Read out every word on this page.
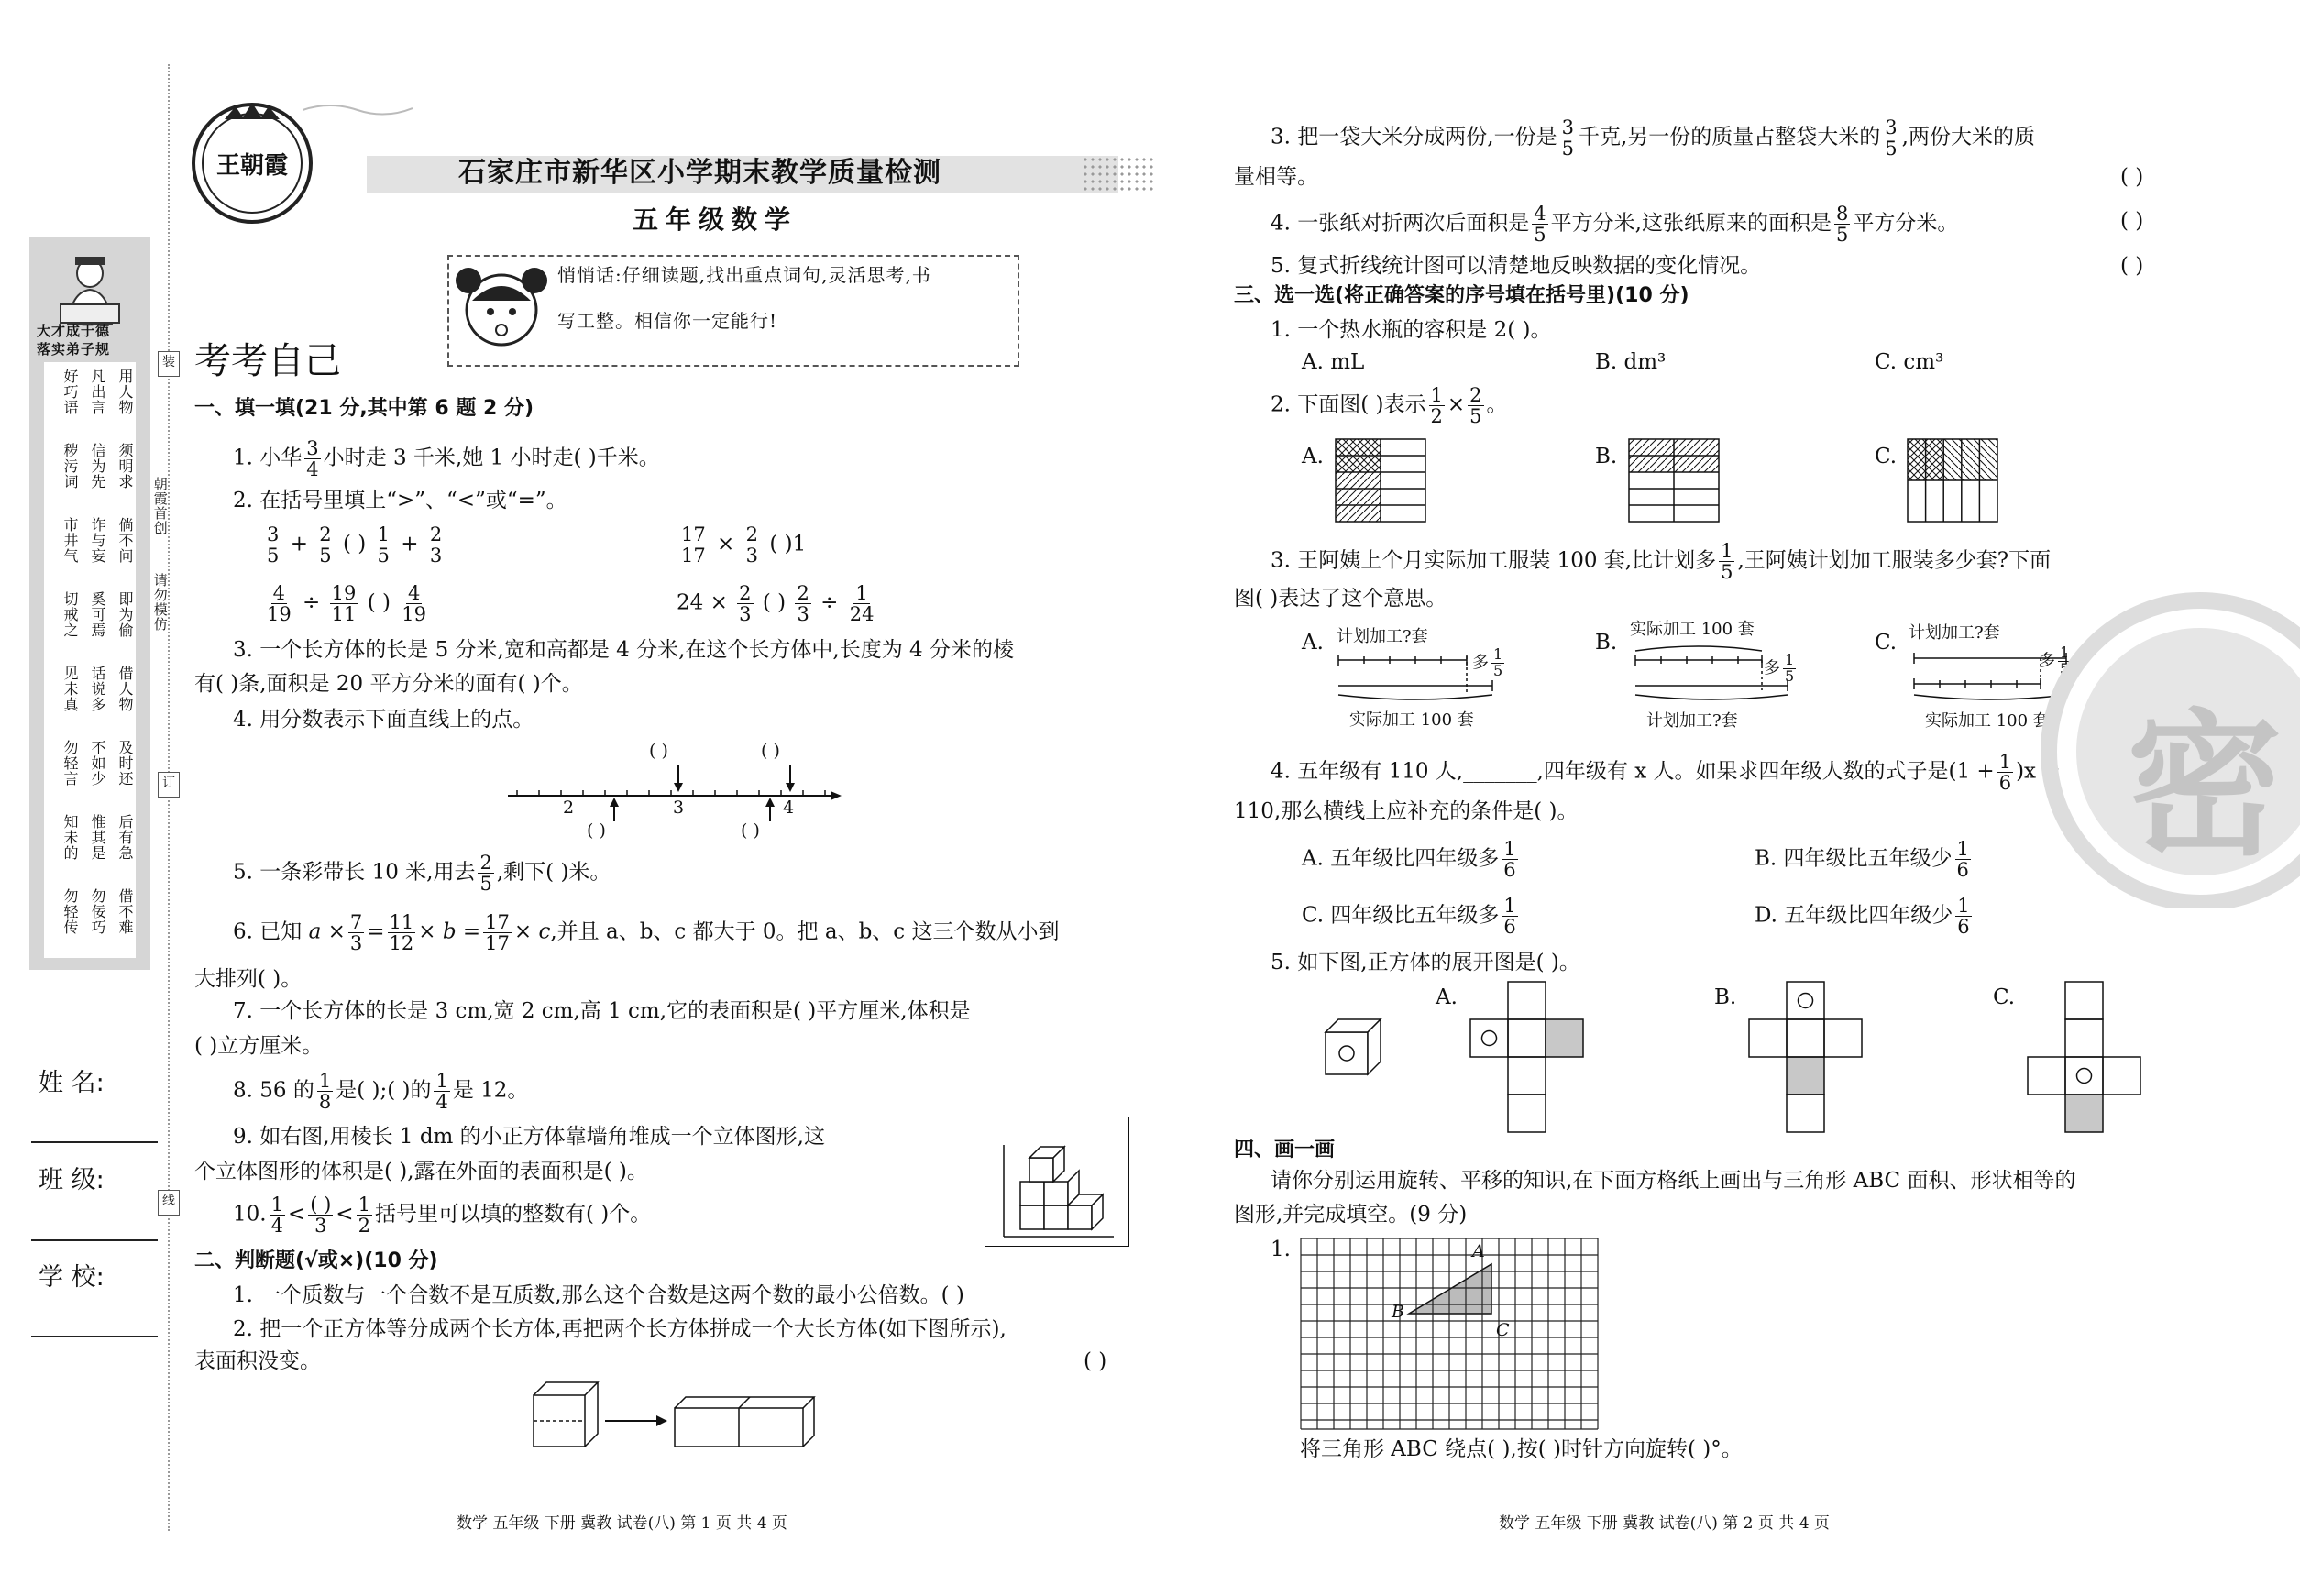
大才成于德
落实弟子规
好巧语 凡出言 用人物
秽污词 信为先 须明求
市井气 诈与妄 倘不问
切戒之 奚可焉 即为偷
见未真 话说多 借人物
勿轻言 不如少 及时还
知未的 惟其是 后有急
勿轻传 勿佞巧 借不难
姓 名:
班 级:
学 校:
装
订
线
朝霞首创
请勿模仿
王朝霞	石家庄市新华区小学期末教学质量检测
五年级数学
悄悄话:仔细读题,找出重点词句,灵活思考,书
写工整。相信你一定能行!
考考自己
一、填一填(21 分,其中第 6 题 2 分)
1. 小华 $\frac{3}{4}$ 小时走 3 千米,她 1 小时走( )千米。
2. 在括号里填上“>”、“<”或“=”。
$\frac{3}{5} + \frac{2}{5}$ ( ) $\frac{1}{5} + \frac{2}{3}$	$\frac{17}{17} \times \frac{2}{3}$ ( )1
$\frac{4}{19} \div \frac{19}{11}$ ( ) $\frac{4}{19}$	$24 \times \frac{2}{3}$ ( ) $\frac{2}{3} \div \frac{1}{24}$
3. 一个长方体的长是 5 分米,宽和高都是 4 分米,在这个长方体中,长度为 4 分米的棱
有( )条,面积是 20 平方分米的面有( )个。
4. 用分数表示下面直线上的点。
2	3	4
( )	( )
( )	( )
5. 一条彩带长 10 米,用去 $\frac{2}{5}$ ,剩下( )米。
6. 已知 $a \times \frac{7}{3} = \frac{11}{12} \times b = \frac{17}{17} \times c$,并且 a、b、c 都大于 0。把 a、b、c 这三个数从小到
大排列( )。
7. 一个长方体的长是 3 cm,宽 2 cm,高 1 cm,它的表面积是( )平方厘米,体积是
( )立方厘米。
8. 56 的 $\frac{1}{8}$ 是( );( )的 $\frac{1}{4}$ 是 12。
9. 如右图,用棱长 1 dm 的小正方体靠墙角堆成一个立体图形,这
个立体图形的体积是( ),露在外面的表面积是( )。
10. $\frac{1}{4}$ < ( )
$3 < \frac{1}{2}$ 括号里可以填的整数有( )个。
二、判断题(√或×)(10 分)
1. 一个质数与一个合数不是互质数,那么这个合数是这两个数的最小公倍数。( )
2. 把一个正方体等分成两个长方体,再把两个长方体拼成一个大长方体(如下图所示),
表面积没变。	( )
数学 五年级 下册 冀教 试卷(八) 第 1 页 共 4 页
3. 把一袋大米分成两份,一份是 $\frac{3}{5}$ 千克,另一份的质量占整袋大米的 $\frac{3}{5}$ ,两份大米的质
量相等。	( )
4. 一张纸对折两次后面积是 $\frac{4}{5}$ 平方分米,这张纸原来的面积是 $\frac{8}{5}$ 平方分米。	( )
5. 复式折线统计图可以清楚地反映数据的变化情况。	( )
三、选一选(将正确答案的序号填在括号里)(10 分)
1. 一个热水瓶的容积是 2( )。
A. mL	B. dm³	C. cm³
2. 下面图( )表示 $\frac{1}{2} \times \frac{2}{5}$ 。
A.	B.	C.
3. 王阿姨上个月实际加工服装 100 套,比计划多 $\frac{1}{5}$ ,王阿姨计划加工服装多少套?下面
图( )表达了这个意思。
A. 计划加工?套
多 $\frac{1}{5}$
实际加工 100 套
B.
实际加工 100 套
多 $\frac{1}{5}$
计划加工?套
C. 计划加工?套
多 $\frac{1}{5}$
实际加工 100 套
4. 五年级有 110 人,_______,四年级有 x 人。如果求四年级人数的式子是$(1 + \frac{1}{6} )x$ =
110,那么横线上应补充的条件是( )。
A. 五年级比四年级多 $\frac{1}{6}$	B. 四年级比五年级少 $\frac{1}{6}$
C. 四年级比五年级多 $\frac{1}{6}$	D. 五年级比四年级少 $\frac{1}{6}$
5. 如下图,正方体的展开图是( )。
A.	B.	C.
四、画一画
请你分别运用旋转、平移的知识,在下面方格纸上画出与三角形 ABC 面积、形状相等的
图形,并完成填空。(9 分)
1.	A
B
C
将三角形 ABC 绕点( ),按( )时针方向旋转( )°。
数学 五年级 下册 冀教 试卷(八) 第 2 页 共 4 页
密
